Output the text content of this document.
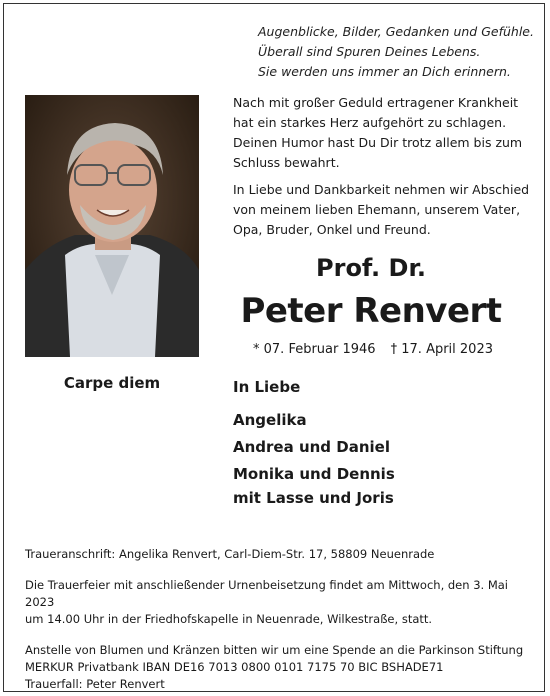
Augenblicke, Bilder, Gedanken und Gefühle.
Überall sind Spuren Deines Lebens.
Sie werden uns immer an Dich erinnern.
Carpe diem

Nach mit großer Geduld ertragener Krankheit
hat ein starkes Herz aufgehört zu schlagen.
Deinen Humor hast Du Dir trotz allem bis zum
Schluss bewahrt.

In Liebe und Dankbarkeit nehmen wir Abschied
von meinem lieben Ehemann, unserem Vater,
Opa, Bruder, Onkel und Freund.

Prof. Dr.
Peter Renvert
* 07. Februar 1946 † 17. April 2023
In Liebe
Angelika
Andrea und Daniel
Monika und Dennis
mit Lasse und Joris

Traueranschrift: Angelika Renvert, Carl-Diem-Str. 17, 58809 Neuenrade

Die Trauerfeier mit anschließender Urnenbeisetzung findet am Mittwoch, den 3. Mai 2023
um 14.00 Uhr in der Friedhofskapelle in Neuenrade, Wilkestraße, statt.

Anstelle von Blumen und Kränzen bitten wir um eine Spende an die Parkinson Stiftung
MERKUR Privatbank IBAN DE16 7013 0800 0101 7175 70 BIC BSHADE71
Trauerfall: Peter Renvert
